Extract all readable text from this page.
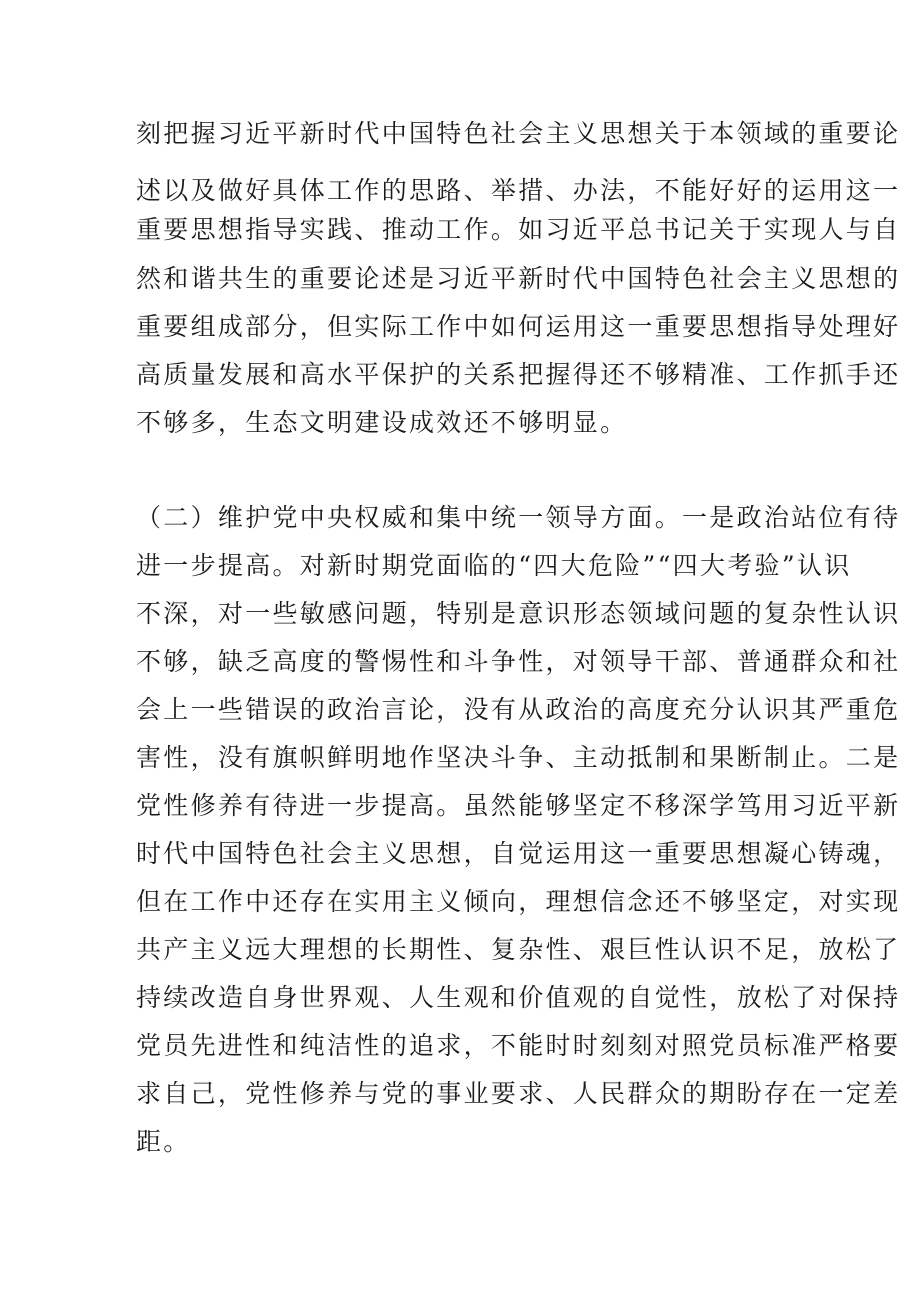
刻把握习近平新时代中国特色社会主义思想关于本领域的重要论
述以及做好具体工作的思路、举措、办法，不能好好的运用这一
重要思想指导实践、推动工作。如习近平总书记关于实现人与自
然和谐共生的重要论述是习近平新时代中国特色社会主义思想的
重要组成部分，但实际工作中如何运用这一重要思想指导处理好
高质量发展和高水平保护的关系把握得还不够精准、工作抓手还
不够多，生态文明建设成效还不够明显。
（二）维护党中央权威和集中统一领导方面。一是政治站位有待
进一步提高。对新时期党面临的“四大危险”“四大考验”认识
不深，对一些敏感问题，特别是意识形态领域问题的复杂性认识
不够，缺乏高度的警惕性和斗争性，对领导干部、普通群众和社
会上一些错误的政治言论，没有从政治的高度充分认识其严重危
害性，没有旗帜鲜明地作坚决斗争、主动抵制和果断制止。二是
党性修养有待进一步提高。虽然能够坚定不移深学笃用习近平新
时代中国特色社会主义思想，自觉运用这一重要思想凝心铸魂，
但在工作中还存在实用主义倾向，理想信念还不够坚定，对实现
共产主义远大理想的长期性、复杂性、艰巨性认识不足，放松了
持续改造自身世界观、人生观和价值观的自觉性，放松了对保持
党员先进性和纯洁性的追求，不能时时刻刻对照党员标准严格要
求自己，党性修养与党的事业要求、人民群众的期盼存在一定差
距。
